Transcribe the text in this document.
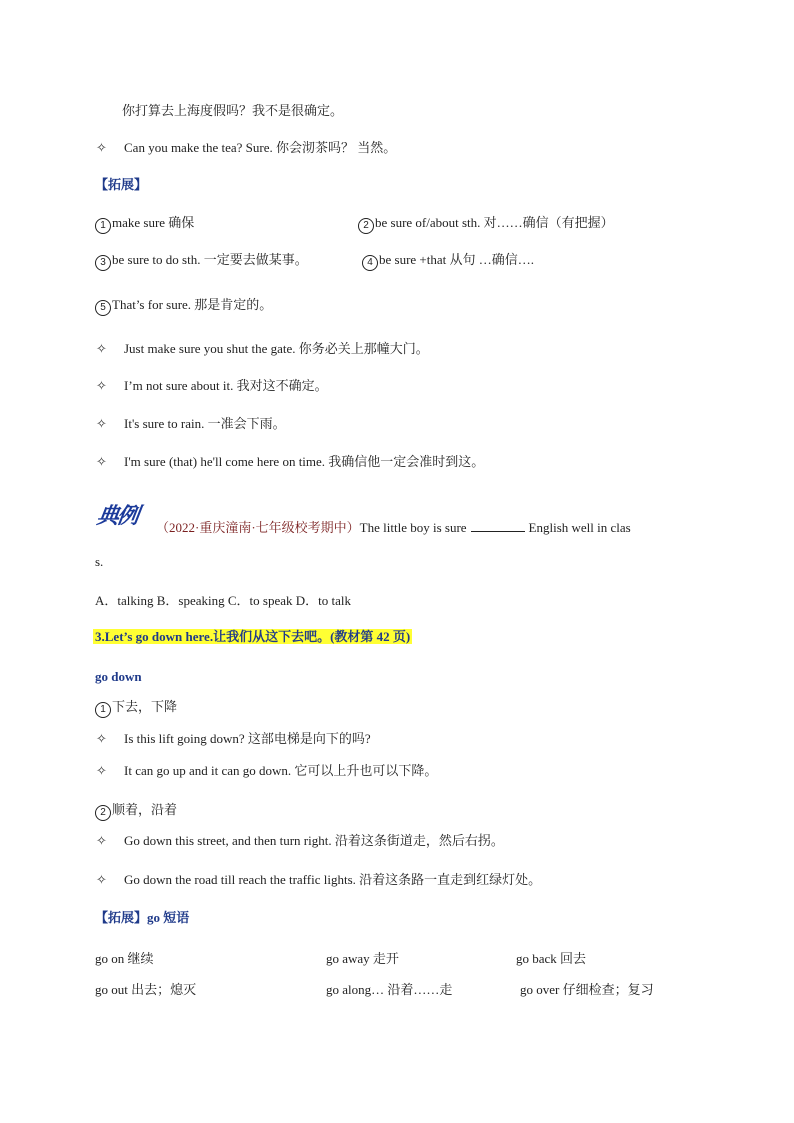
你打算去上海度假吗？我不是很确定。
✧ Can you make the tea? Sure. 你会沏茶吗？ 当然。
【拓展】
1 make sure 确保	2 be sure of/about sth. 对……确信（有把握）
3 be sure to do sth. 一定要去做某事。	4 be sure +that 从句 …确信….
5 That’s for sure. 那是肯定的。
✧ Just make sure you shut the gate. 你务必关上那幢大门。
✧ I’m not sure about it. 我对这不确定。
✧ It's sure to rain. 一准会下雨。
✧ I'm sure (that) he'll come here on time. 我确信他一定会准时到这。
典例 （2022·重庆潼南·七年级校考期中）The little boy is sure	English well in clas
s.
A．talking B．speaking C．to speak D．to talk
3.Let’s go down here.让我们从这下去吧。(教材第 42 页)
go down
1 下去，下降
✧ Is this lift going down? 这部电梯是向下的吗?
✧ It can go up and it can go down. 它可以上升也可以下降。
2 顺着，沿着
✧ Go down this street, and then turn right. 沿着这条街道走，然后右拐。
✧ Go down the road till reach the traffic lights. 沿着这条路一直走到红绿灯处。
【拓展】go 短语
go on 继续	go away 走开	go back 回去
go out 出去；熄灭	go along… 沿着……走	go over 仔细检查；复习
